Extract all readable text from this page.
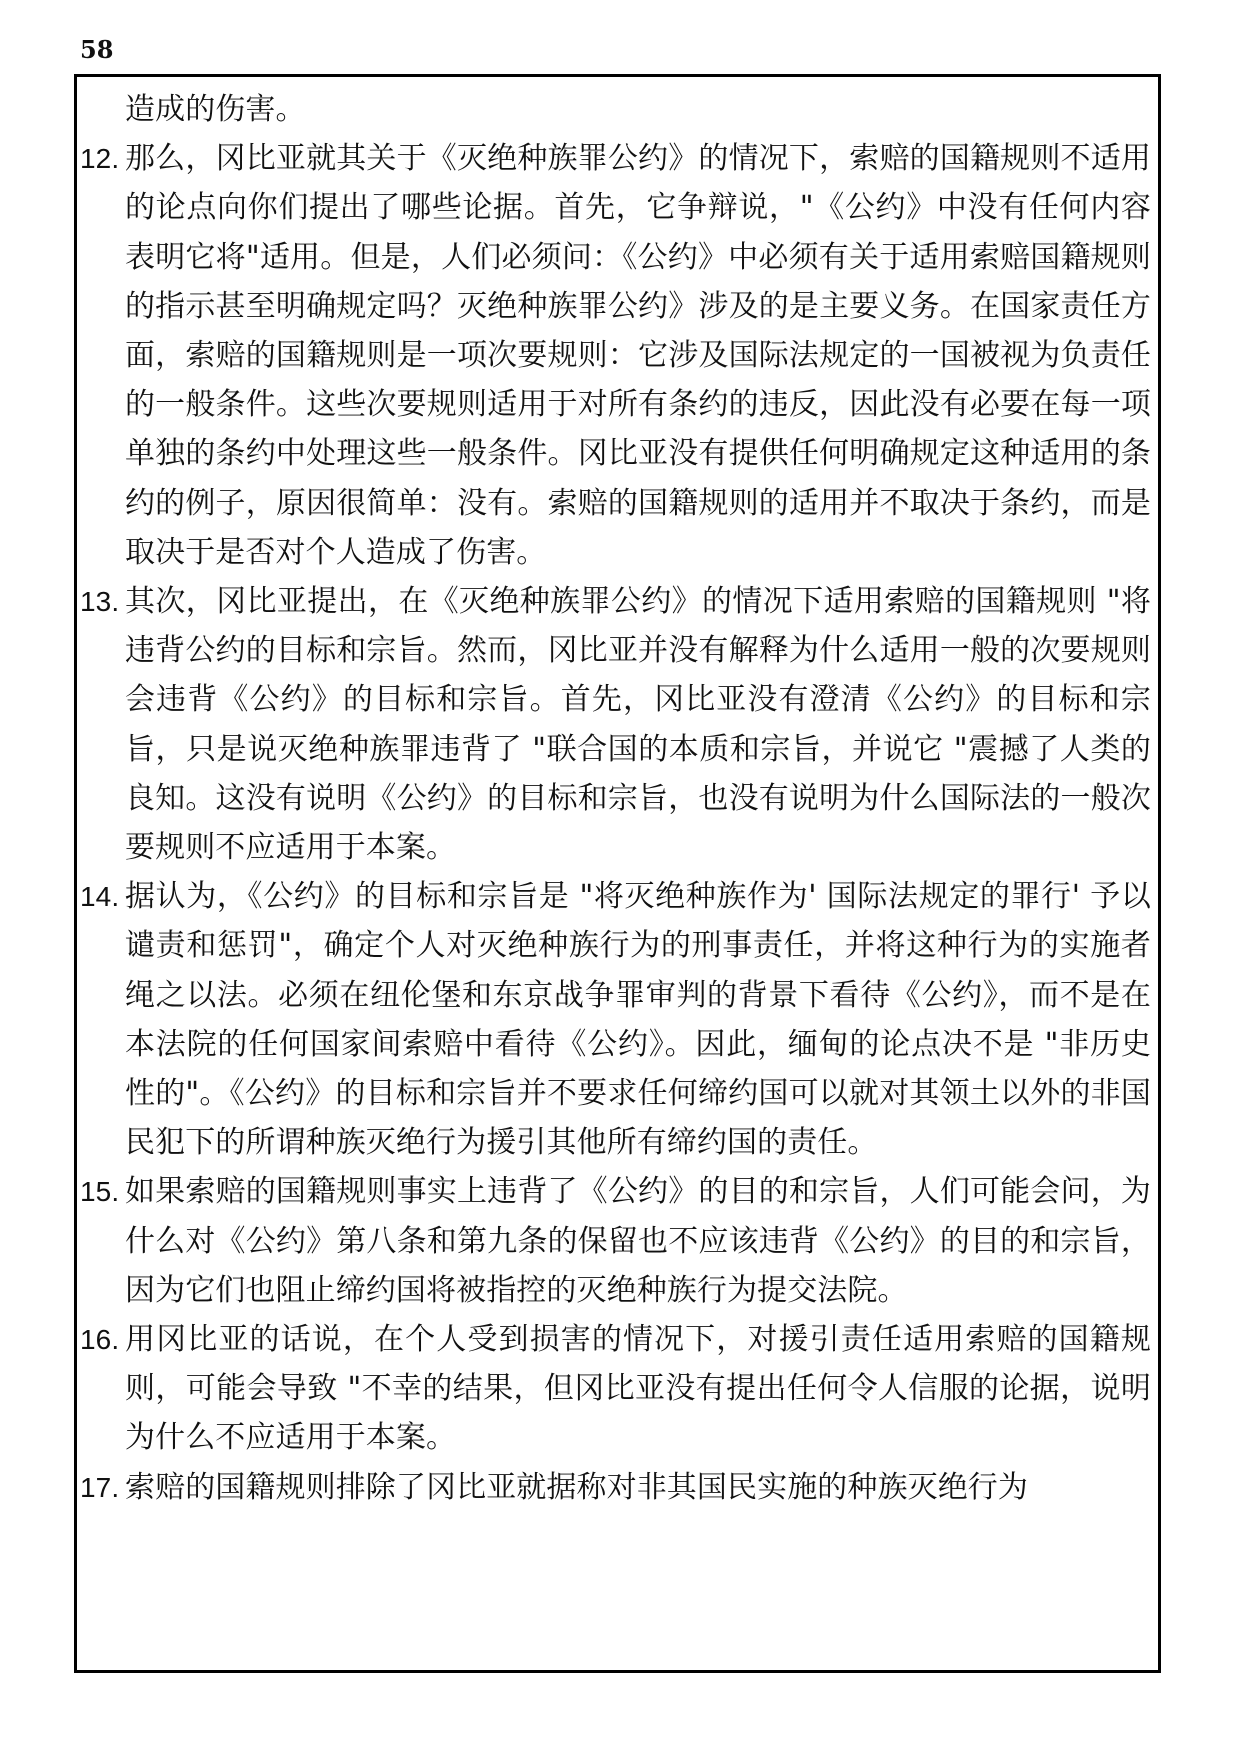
58
造成的伤害。
12. 那么，冈比亚就其关于《灭绝种族罪公约》的情况下，索赔的国籍规则不适用的论点向你们提出了哪些论据。首先，它争辩说，"《公约》中没有任何内容表明它将"适用。但是，人们必须问：《公约》中必须有关于适用索赔国籍规则的指示甚至明确规定吗？灭绝种族罪公约》涉及的是主要义务。在国家责任方面，索赔的国籍规则是一项次要规则：它涉及国际法规定的一国被视为负责任的一般条件。这些次要规则适用于对所有条约的违反，因此没有必要在每一项单独的条约中处理这些一般条件。冈比亚没有提供任何明确规定这种适用的条约的例子，原因很简单：没有。索赔的国籍规则的适用并不取决于条约，而是取决于是否对个人造成了伤害。
13. 其次，冈比亚提出，在《灭绝种族罪公约》的情况下适用索赔的国籍规则 "将违背公约的目标和宗旨。然而，冈比亚并没有解释为什么适用一般的次要规则会违背《公约》的目标和宗旨。首先，冈比亚没有澄清《公约》的目标和宗旨，只是说灭绝种族罪违背了 "联合国的本质和宗旨，并说它 "震撼了人类的良知。这没有说明《公约》的目标和宗旨，也没有说明为什么国际法的一般次要规则不应适用于本案。
14. 据认为，《公约》的目标和宗旨是 "将灭绝种族作为' 国际法规定的罪行' 予以谴责和惩罚"，确定个人对灭绝种族行为的刑事责任，并将这种行为的实施者绳之以法。必须在纽伦堡和东京战争罪审判的背景下看待《公约》，而不是在本法院的任何国家间索赔中看待《公约》。因此，缅甸的论点决不是 "非历史性的"。《公约》的目标和宗旨并不要求任何缔约国可以就对其领土以外的非国民犯下的所谓种族灭绝行为援引其他所有缔约国的责任。
15. 如果索赔的国籍规则事实上违背了《公约》的目的和宗旨，人们可能会问，为什么对《公约》第八条和第九条的保留也不应该违背《公约》的目的和宗旨，因为它们也阻止缔约国将被指控的灭绝种族行为提交法院。
16. 用冈比亚的话说，在个人受到损害的情况下，对援引责任适用索赔的国籍规则，可能会导致 "不幸的结果，但冈比亚没有提出任何令人信服的论据，说明为什么不应适用于本案。
17. 索赔的国籍规则排除了冈比亚就据称对非其国民实施的种族灭绝行为
